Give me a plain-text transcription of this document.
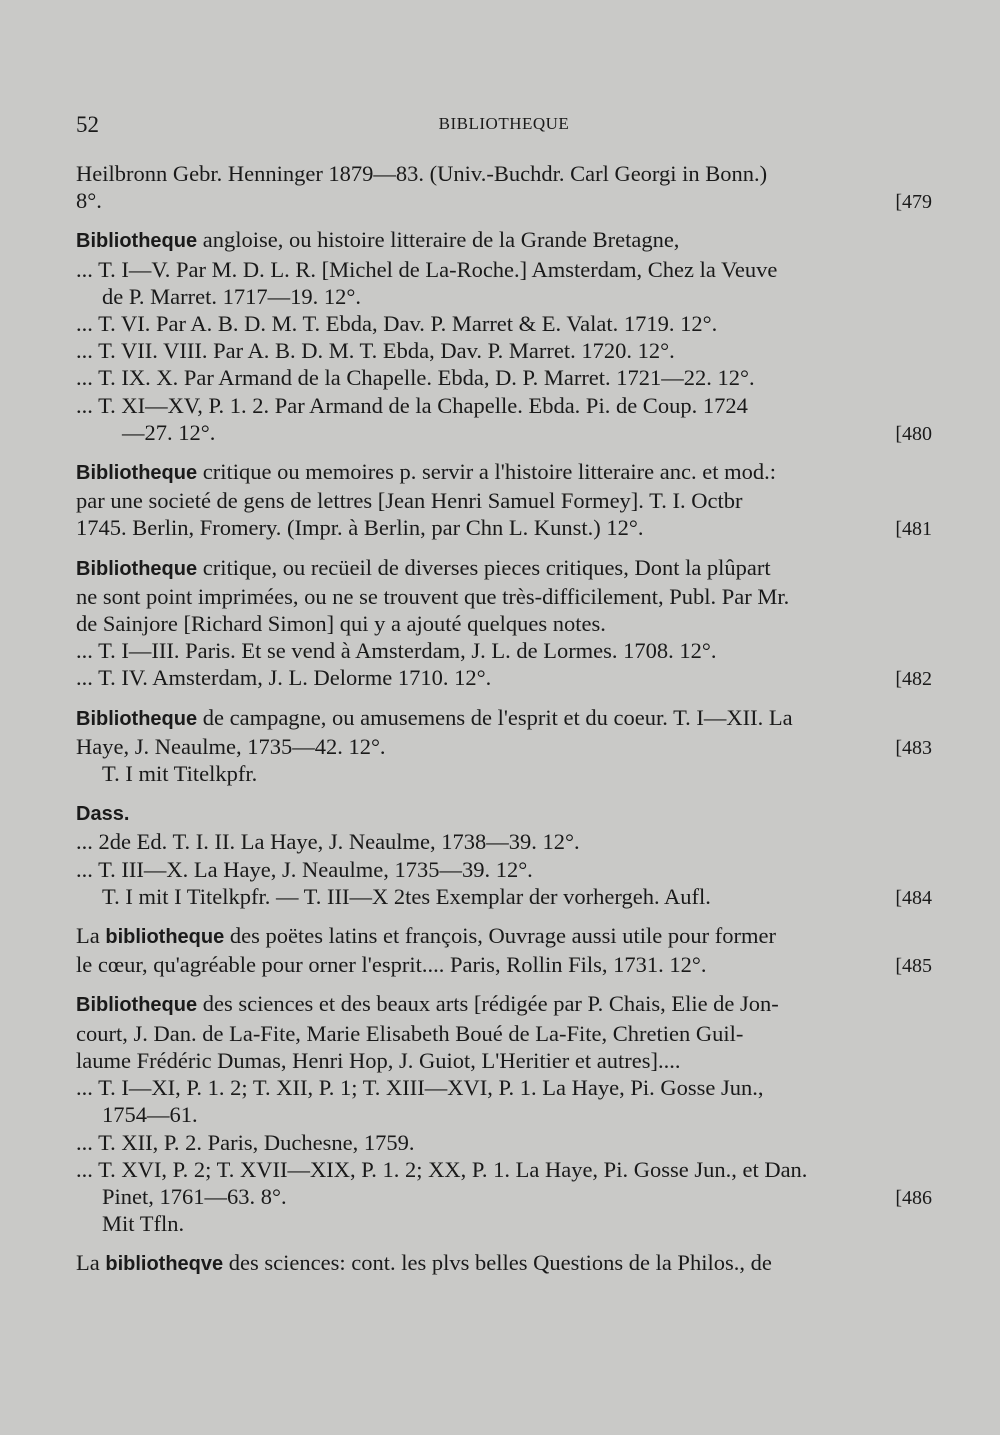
52	BIBLIOTHEQUE
Heilbronn Gebr. Henninger 1879—83. (Univ.-Buchdr. Carl Georgi in Bonn.)
8°.	[479
Bibliotheque angloise, ou histoire litteraire de la Grande Bretagne,
... T. I—V. Par M. D. L. R. [Michel de La-Roche.] Amsterdam, Chez la Veuve
de P. Marret. 1717—19. 12°.
... T. VI. Par A. B. D. M. T. Ebda, Dav. P. Marret & E. Valat. 1719. 12°.
... T. VII. VIII. Par A. B. D. M. T. Ebda, Dav. P. Marret. 1720. 12°.
... T. IX. X. Par Armand de la Chapelle. Ebda, D. P. Marret. 1721—22. 12°.
... T. XI—XV, P. 1. 2. Par Armand de la Chapelle. Ebda. Pi. de Coup. 1724
—27. 12°.	[480
Bibliotheque critique ou memoires p. servir a l'histoire litteraire anc. et mod.:
par une societé de gens de lettres [Jean Henri Samuel Formey]. T. I. Octbr
1745. Berlin, Fromery. (Impr. à Berlin, par Chn L. Kunst.) 12°.	[481
Bibliotheque critique, ou recüeil de diverses pieces critiques, Dont la plûpart
ne sont point imprimées, ou ne se trouvent que très-difficilement, Publ. Par Mr.
de Sainjore [Richard Simon] qui y a ajouté quelques notes.
... T. I—III. Paris. Et se vend à Amsterdam, J. L. de Lormes. 1708. 12°.
... T. IV. Amsterdam, J. L. Delorme 1710. 12°.	[482
Bibliotheque de campagne, ou amusemens de l'esprit et du coeur. T. I—XII. La
Haye, J. Neaulme, 1735—42. 12°.	[483
T. I mit Titelkpfr.
Dass.
... 2de Ed. T. I. II. La Haye, J. Neaulme, 1738—39. 12°.
... T. III—X. La Haye, J. Neaulme, 1735—39. 12°.
T. I mit I Titelkpfr. — T. III—X 2tes Exemplar der vorhergeh. Aufl.	[484
La bibliotheque des poëtes latins et françois, Ouvrage aussi utile pour former
le cœur, qu'agréable pour orner l'esprit.... Paris, Rollin Fils, 1731. 12°.	[485
Bibliotheque des sciences et des beaux arts [rédigée par P. Chais, Elie de Jon-
court, J. Dan. de La-Fite, Marie Elisabeth Boué de La-Fite, Chretien Guil-
laume Frédéric Dumas, Henri Hop, J. Guiot, L'Heritier et autres]....
... T. I—XI, P. 1. 2; T. XII, P. 1; T. XIII—XVI, P. 1. La Haye, Pi. Gosse Jun.,
1754—61.
... T. XII, P. 2. Paris, Duchesne, 1759.
... T. XVI, P. 2; T. XVII—XIX, P. 1. 2; XX, P. 1. La Haye, Pi. Gosse Jun., et Dan.
Pinet, 1761—63. 8°.	[486
Mit Tfln.
La bibliotheqve des sciences: cont. les plvs belles Questions de la Philos., de
